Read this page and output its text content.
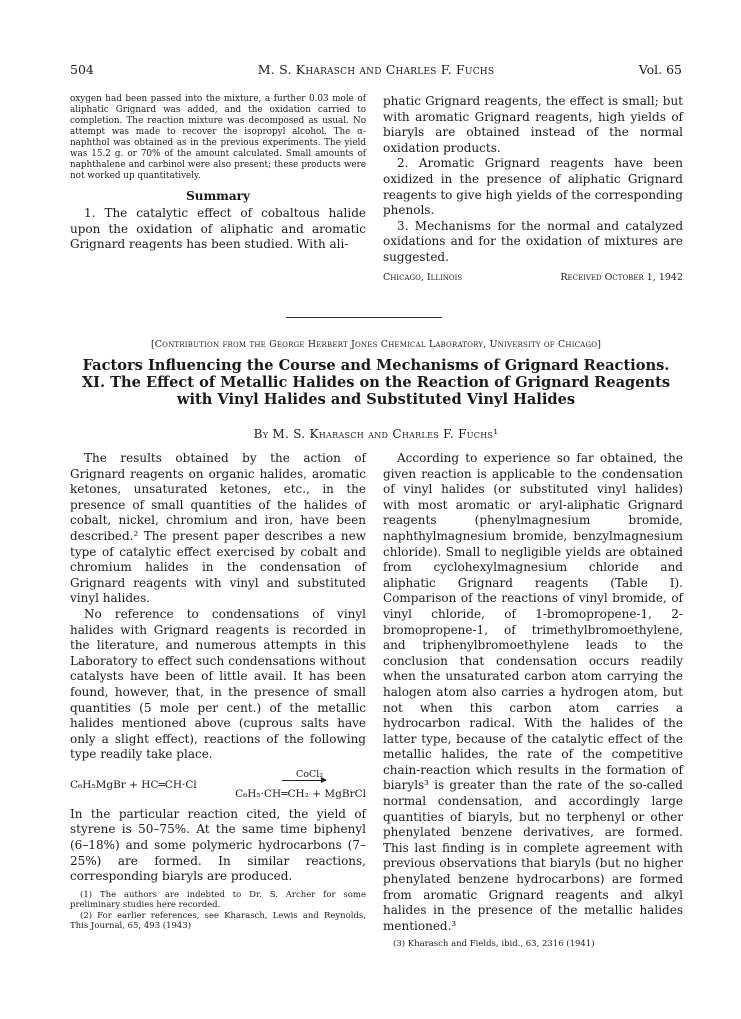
504	M. S. Kharasch and Charles F. Fuchs	Vol. 65

oxygen had been passed into the mixture, a further 0.03 mole of aliphatic Grignard was added, and the oxidation carried to completion. The reaction mixture was decomposed as usual. No attempt was made to recover the isopropyl alcohol. The α-naphthol was obtained as in the previous experiments. The yield was 15.2 g. or 70% of the amount calculated. Small amounts of naphthalene and carbinol were also present; these products were not worked up quantitatively.

Summary

1. The catalytic effect of cobaltous halide upon the oxidation of aliphatic and aromatic Grignard reagents has been studied. With ali-

phatic Grignard reagents, the effect is small; but with aromatic Grignard reagents, high yields of biaryls are obtained instead of the normal oxidation products.

2. Aromatic Grignard reagents have been oxidized in the presence of aliphatic Grignard reagents to give high yields of the corresponding phenols.

3. Mechanisms for the normal and catalyzed oxidations and for the oxidation of mixtures are suggested.

Chicago, Illinois	Received October 1, 1942
[Contribution from the George Herbert Jones Chemical Laboratory, University of Chicago]
Factors Influencing the Course and Mechanisms of Grignard Reactions. XI. The Effect of Metallic Halides on the Reaction of Grignard Reagents with Vinyl Halides and Substituted Vinyl Halides
By M. S. Kharasch and Charles F. Fuchs¹

The results obtained by the action of Grignard reagents on organic halides, aromatic ketones, unsaturated ketones, etc., in the presence of small quantities of the halides of cobalt, nickel, chromium and iron, have been described.² The present paper describes a new type of catalytic effect exercised by cobalt and chromium halides in the condensation of Grignard reagents with vinyl and substituted vinyl halides.

No reference to condensations of vinyl halides with Grignard reagents is recorded in the literature, and numerous attempts in this Laboratory to effect such condensations without catalysts have been of little avail. It has been found, however, that, in the presence of small quantities (5 mole per cent.) of the metallic halides mentioned above (cuprous salts have only a slight effect), reactions of the following type readily take place.

C₆H₅MgBr + HC═CH·Cl
CoCl₂
C₆H₅·CH═CH₂ + MgBrCl

In the particular reaction cited, the yield of styrene is 50–75%. At the same time biphenyl (6–18%) and some polymeric hydrocarbons (7–25%) are formed. In similar reactions, corresponding biaryls are produced.

(1) The authors are indebted to Dr. S. Archer for some preliminary studies here recorded.

(2) For earlier references, see Kharasch, Lewis and Reynolds, This Journal, 65, 493 (1943)

According to experience so far obtained, the given reaction is applicable to the condensation of vinyl halides (or substituted vinyl halides) with most aromatic or aryl-aliphatic Grignard reagents (phenylmagnesium bromide, naphthylmagnesium bromide, benzylmagnesium chloride). Small to negligible yields are obtained from cyclohexylmagnesium chloride and aliphatic Grignard reagents (Table I). Comparison of the reactions of vinyl bromide, of vinyl chloride, of 1-bromopropene-1, 2-bromopropene-1, of trimethylbromoethylene, and triphenylbromoethylene leads to the conclusion that condensation occurs readily when the unsaturated carbon atom carrying the halogen atom also carries a hydrogen atom, but not when this carbon atom carries a hydrocarbon radical. With the halides of the latter type, because of the catalytic effect of the metallic halides, the rate of the competitive chain-reaction which results in the formation of biaryls³ is greater than the rate of the so-called normal condensation, and accordingly large quantities of biaryls, but no terphenyl or other phenylated benzene derivatives, are formed. This last finding is in complete agreement with previous observations that biaryls (but no higher phenylated benzene hydrocarbons) are formed from aromatic Grignard reagents and alkyl halides in the presence of the metallic halides mentioned.³

(3) Kharasch and Fields, ibid., 63, 2316 (1941)
